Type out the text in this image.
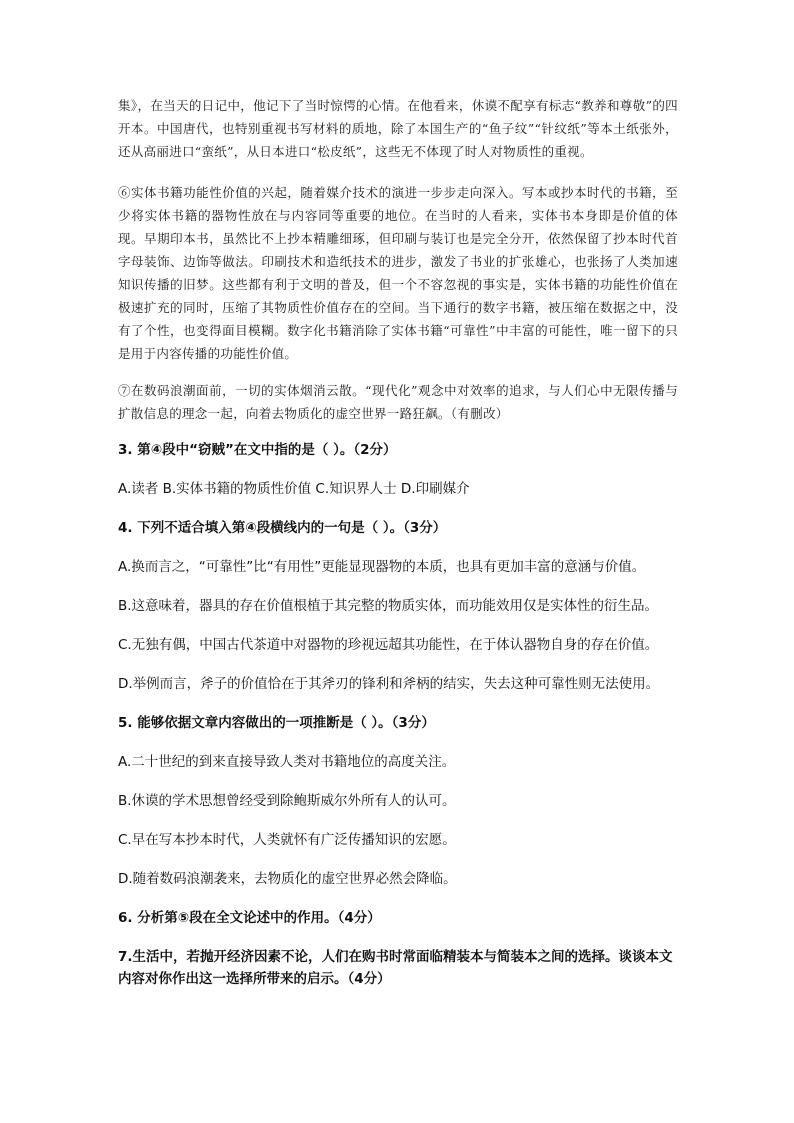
集》，在当天的日记中，他记下了当时惊愕的心情。在他看来，休谟不配享有标志“教养和尊敬”的四开本。中国唐代，也特别重视书写材料的质地，除了本国生产的“鱼子纹”“针纹纸”等本土纸张外，还从高丽进口“蛮纸”，从日本进口“松皮纸”，这些无不体现了时人对物质性的重视。

⑥实体书籍功能性价值的兴起，随着媒介技术的演进一步步走向深入。写本或抄本时代的书籍，至少将实体书籍的器物性放在与内容同等重要的地位。在当时的人看来，实体书本身即是价值的体现。早期印本书，虽然比不上抄本精雕细琢，但印刷与装订也是完全分开，依然保留了抄本时代首字母装饰、边饰等做法。印刷技术和造纸技术的进步，激发了书业的扩张雄心，也张扬了人类加速知识传播的旧梦。这些都有利于文明的普及，但一个不容忽视的事实是，实体书籍的功能性价值在极速扩充的同时，压缩了其物质性价值存在的空间。当下通行的数字书籍，被压缩在数据之中，没有了个性，也变得面目模糊。数字化书籍消除了实体书籍“可靠性”中丰富的可能性，唯一留下的只是用于内容传播的功能性价值。

⑦在数码浪潮面前，一切的实体烟消云散。“现代化”观念中对效率的追求，与人们心中无限传播与扩散信息的理念一起，向着去物质化的虚空世界一路狂飙。（有删改）

3. 第④段中“窃贼”在文中指的是（ ）。（2分）

A.读者 B.实体书籍的物质性价值 C.知识界人士 D.印刷媒介

4. 下列不适合填入第④段横线内的一句是（ ）。（3分）

A.换而言之，“可靠性”比“有用性”更能显现器物的本质，也具有更加丰富的意涵与价值。

B.这意味着，器具的存在价值根植于其完整的物质实体，而功能效用仅是实体性的衍生品。

C.无独有偶，中国古代茶道中对器物的珍视远超其功能性，在于体认器物自身的存在价值。

D.举例而言，斧子的价值恰在于其斧刃的锋利和斧柄的结实，失去这种可靠性则无法使用。

5. 能够依据文章内容做出的一项推断是（ ）。（3分）

A.二十世纪的到来直接导致人类对书籍地位的高度关注。

B.休谟的学术思想曾经受到除鲍斯威尔外所有人的认可。

C.早在写本抄本时代，人类就怀有广泛传播知识的宏愿。

D.随着数码浪潮袭来，去物质化的虚空世界必然会降临。

6. 分析第⑤段在全文论述中的作用。（4分）

7.生活中，若抛开经济因素不论，人们在购书时常面临精装本与简装本之间的选择。谈谈本文内容对你作出这一选择所带来的启示。（4分）
